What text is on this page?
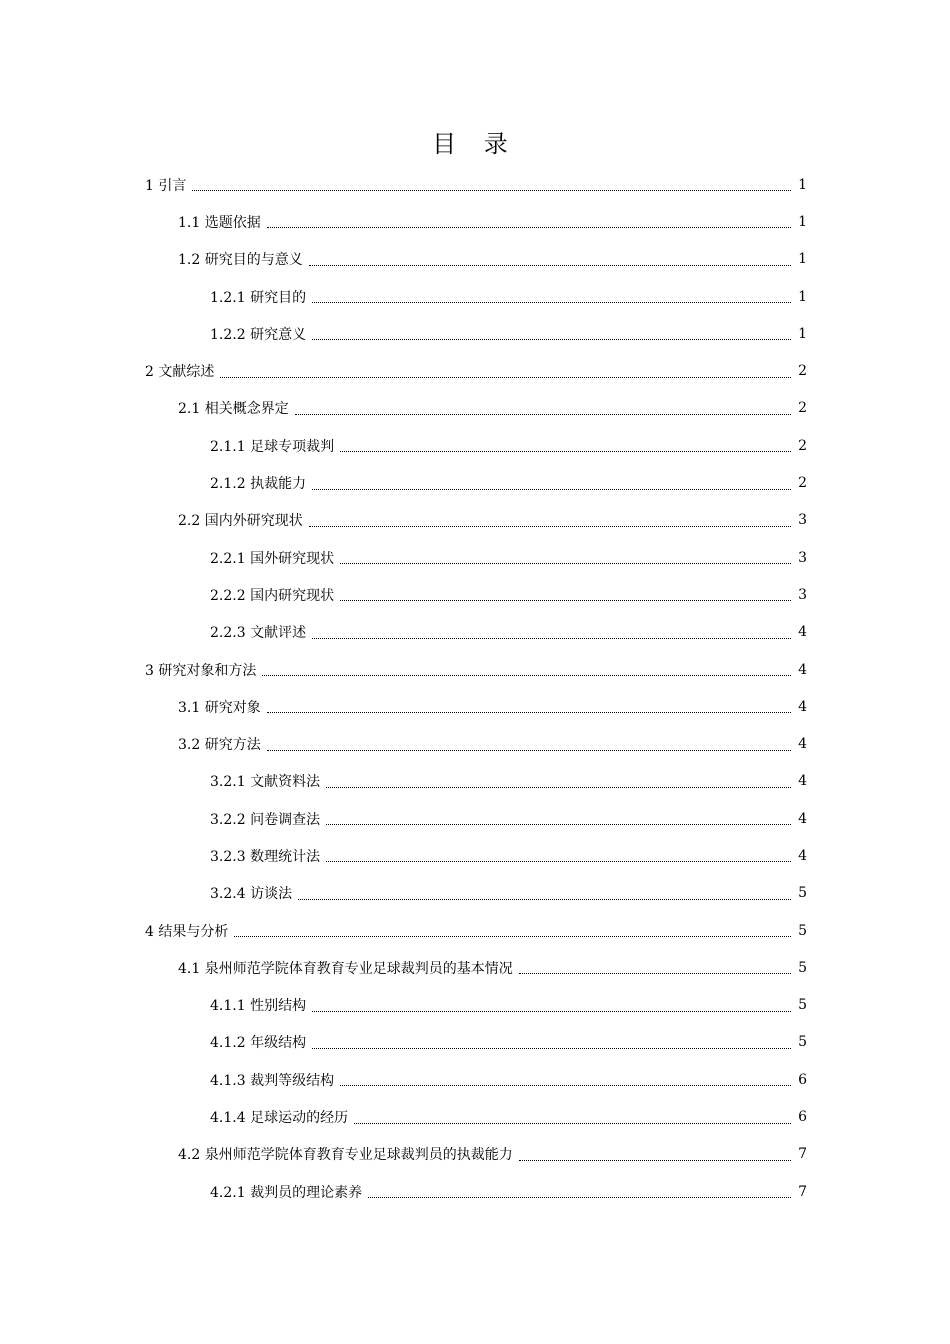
目 录
1 引言	1
1.1 选题依据	1
1.2 研究目的与意义	1
1.2.1 研究目的	1
1.2.2 研究意义	1
2 文献综述	2
2.1 相关概念界定	2
2.1.1 足球专项裁判	2
2.1.2 执裁能力	2
2.2 国内外研究现状	3
2.2.1 国外研究现状	3
2.2.2 国内研究现状	3
2.2.3 文献评述	4
3 研究对象和方法	4
3.1 研究对象	4
3.2 研究方法	4
3.2.1 文献资料法	4
3.2.2 问卷调查法	4
3.2.3 数理统计法	4
3.2.4 访谈法	5
4 结果与分析	5
4.1 泉州师范学院体育教育专业足球裁判员的基本情况	5
4.1.1 性别结构	5
4.1.2 年级结构	5
4.1.3 裁判等级结构	6
4.1.4 足球运动的经历	6
4.2 泉州师范学院体育教育专业足球裁判员的执裁能力	7
4.2.1 裁判员的理论素养	7
